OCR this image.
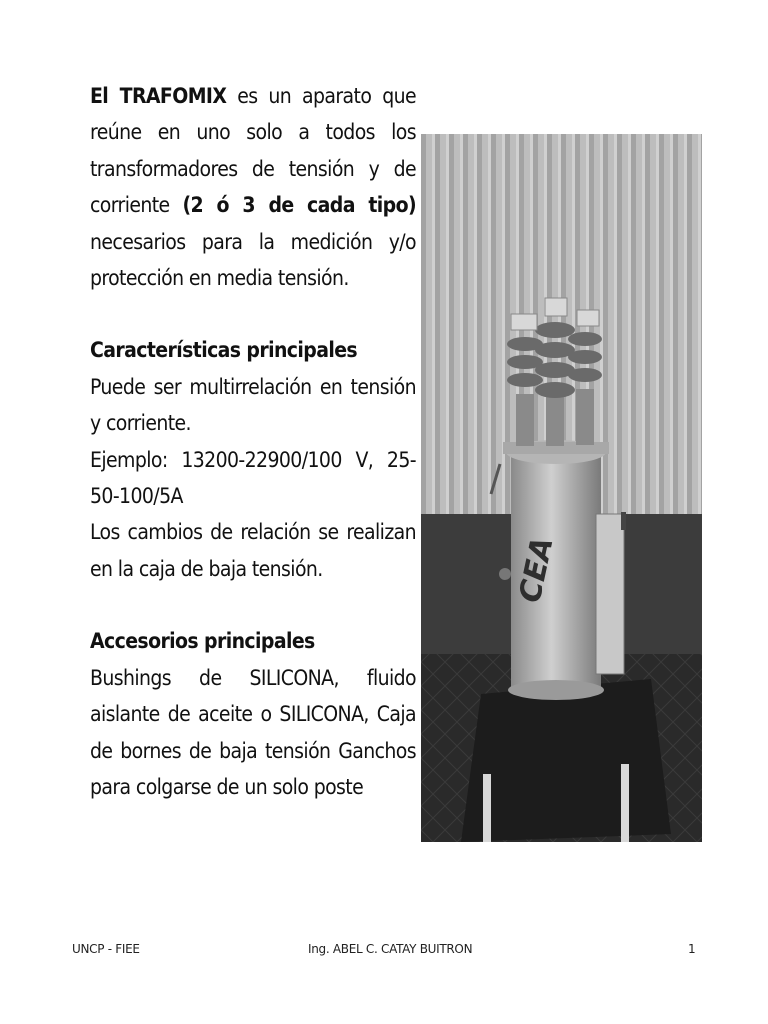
El TRAFOMIX es un aparato que reúne en uno solo a todos los transformadores de tensión y de corriente (2 ó 3 de cada tipo) necesarios para la medición y/o protección en media tensión.

Características principales

Puede ser multirrelación en tensión y corriente.

Ejemplo: 13200-22900/100 V, 25-50-100/5A

Los cambios de relación se realizan en la caja de baja tensión.

Accesorios principales

Bushings de SILICONA, fluido aislante de aceite o SILICONA, Caja de bornes de baja tensión Ganchos para colgarse de un solo poste

CEA
UNCP - FIEE	Ing. ABEL C. CATAY BUITRON	1
